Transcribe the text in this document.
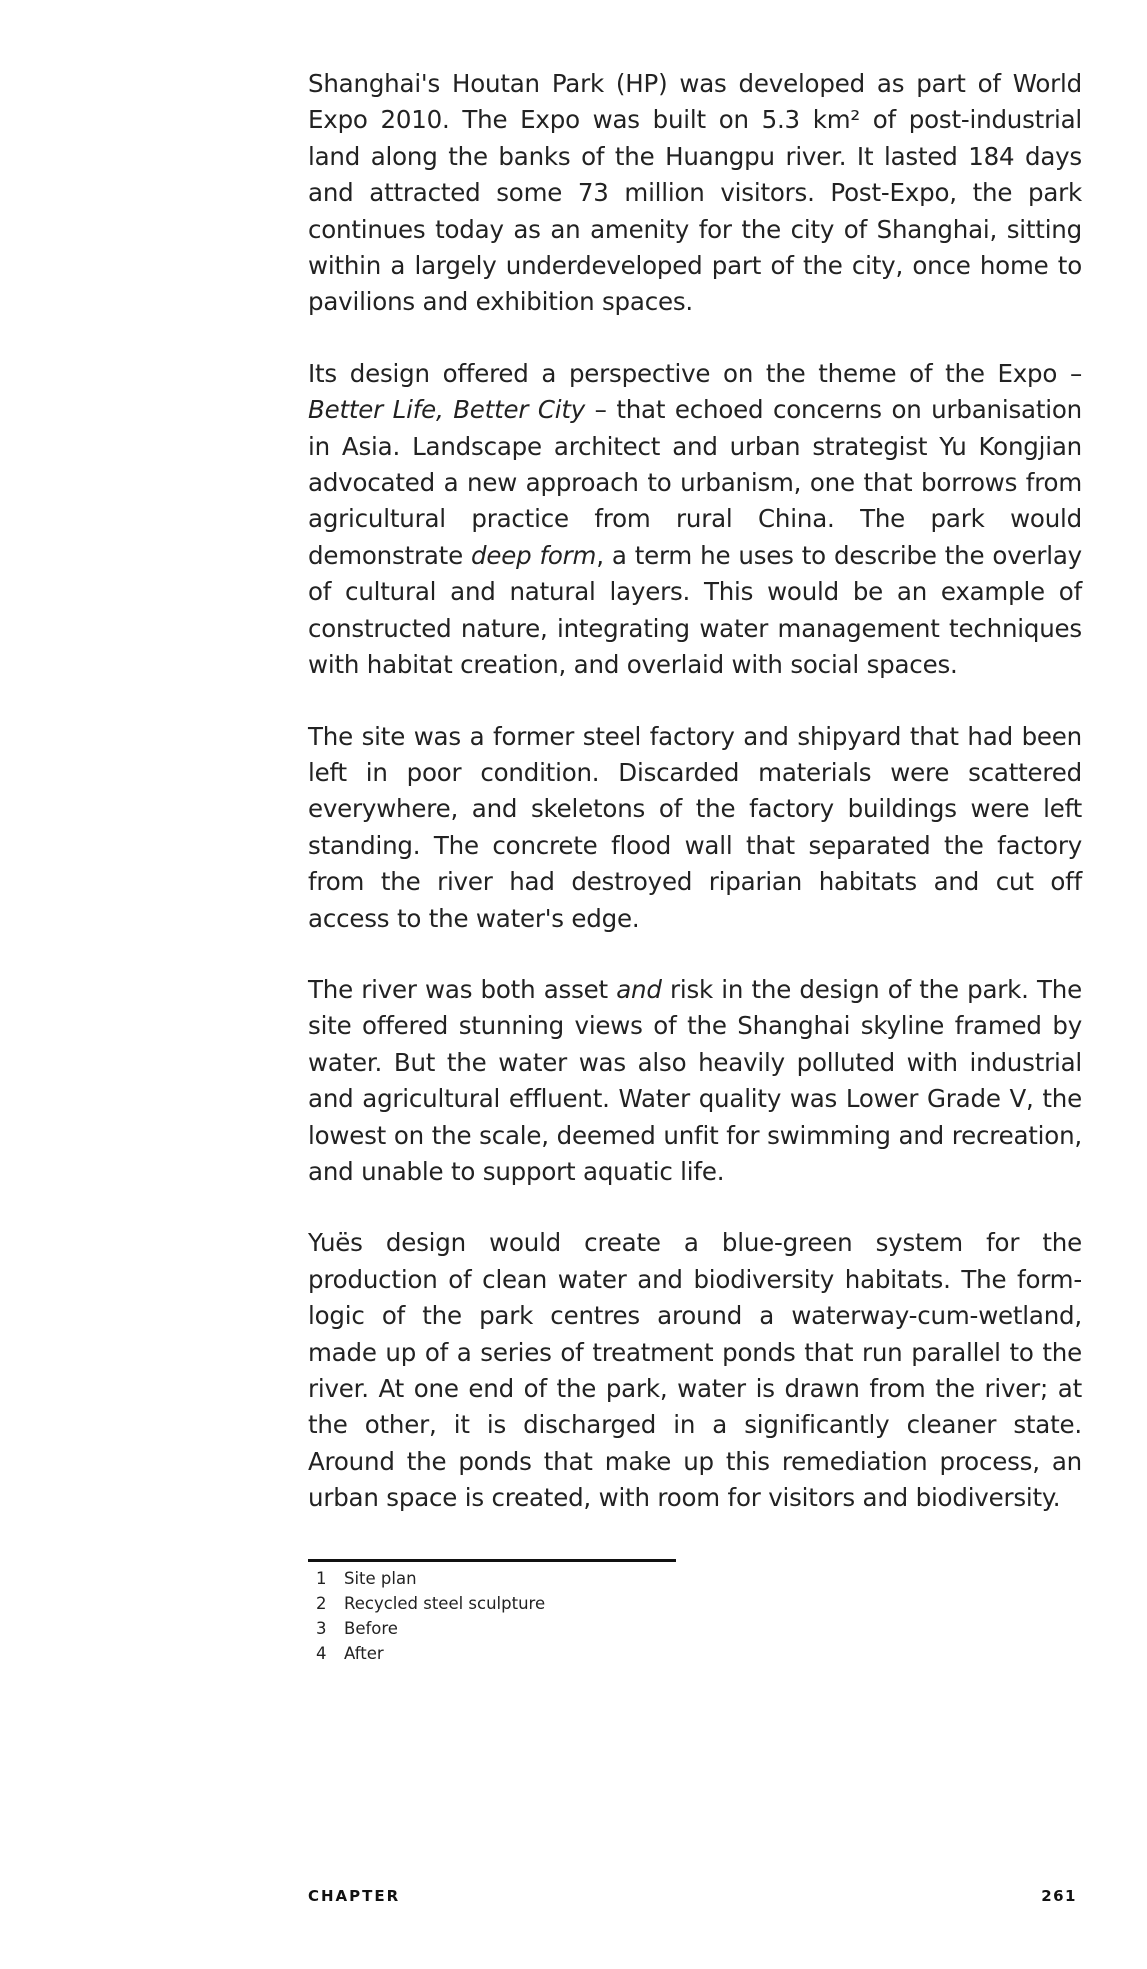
Shanghai's Houtan Park (HP) was developed as part of World Expo 2010. The Expo was built on 5.3 km² of post-industrial land along the banks of the Huangpu river. It lasted 184 days and attracted some 73 million visitors. Post-Expo, the park continues today as an amenity for the city of Shanghai, sitting within a largely underdeveloped part of the city, once home to pavilions and exhibition spaces.

Its design offered a perspective on the theme of the Expo – Better Life, Better City – that echoed concerns on urbanisation in Asia. Landscape architect and urban strategist Yu Kongjian advocated a new approach to urbanism, one that borrows from agricultural practice from rural China. The park would demonstrate deep form, a term he uses to describe the overlay of cultural and natural layers. This would be an example of constructed nature, integrating water management techniques with habitat creation, and overlaid with social spaces.

The site was a former steel factory and shipyard that had been left in poor condition. Discarded materials were scattered everywhere, and skeletons of the factory buildings were left standing. The concrete flood wall that separated the factory from the river had destroyed riparian habitats and cut off access to the water's edge.

The river was both asset and risk in the design of the park. The site offered stunning views of the Shanghai skyline framed by water. But the water was also heavily polluted with industrial and agricultural effluent. Water quality was Lower Grade V, the lowest on the scale, deemed unfit for swimming and recreation, and unable to support aquatic life.

Yuës design would create a blue-green system for the production of clean water and biodiversity habitats. The form-logic of the park centres around a waterway-cum-wetland, made up of a series of treatment ponds that run parallel to the river. At one end of the park, water is drawn from the river; at the other, it is discharged in a significantly cleaner state. Around the ponds that make up this remediation process, an urban space is created, with room for visitors and biodiversity.

1	Site plan
2	Recycled steel sculpture
3	Before
4	After
CHAPTER	261
